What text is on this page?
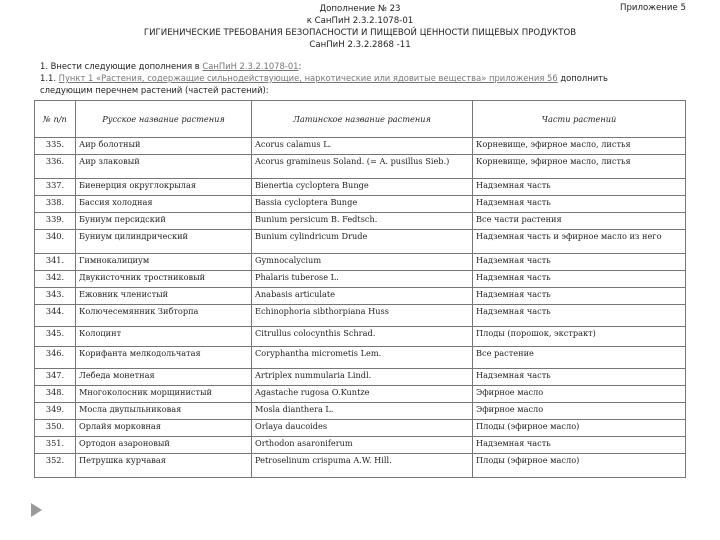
Дополнение № 23
к СанПиН 2.3.2.1078-01
ГИГИЕНИЧЕСКИЕ ТРЕБОВАНИЯ БЕЗОПАСНОСТИ И ПИЩЕВОЙ ЦЕННОСТИ ПИЩЕВЫХ ПРОДУКТОВ
СанПиН 2.3.2.2868 -11
Приложение 5
1. Внести следующие дополнения в СанПиН 2.3.2.1078-01:
1.1. Пункт 1 «Растения, содержащие сильнодействующие, наркотические или ядовитые вещества» приложения 56 дополнить
следующим перечнем растений (частей растений):
№ п/п	Русское название растения	Латинское название растения	Части растений
335.	Аир болотный	Acorus calamus L.	Корневище, эфирное масло, листья
336.	Аир злаковый	Acorus gramineus Soland. (= A. pusillus Sieb.)	Корневище, эфирное масло, листья
337.	Биенерция округлокрылая	Bienertia cycloptera Bunge	Надземная часть
338.	Бассия холодная	Bassia cycloptera Bunge	Надземная часть
339.	Буниум персидский	Bunium persicum B. Fedtsch.	Все части растения
340.	Буниум цилиндрический	Bunium cylindricum Drude	Надземная часть и эфирное масло из него
341.	Гимнокалициум	Gymnocalycium	Надземная часть
342.	Двукисточник тростниковый	Phalaris tuberose L.	Надземная часть
343.	Ежовник членистый	Anabasis articulate	Надземная часть
344.	Колючесемянник Зибторпа	Echinophoria sibthorpiana Huss	Надземная часть
345.	Колоцинт	Citrullus colocynthis Schrad.	Плоды (порошок, экстракт)
346.	Корифанта мелкодольчатая	Coryphantha micrometis Lem.	Все растение
347.	Лебеда монетная	Artriplex nummularia Lindl.	Надземная часть
348.	Многоколосник морщинистый	Agastache rugosa O.Kuntze	Эфирное масло
349.	Мосла двупыльниковая	Mosla dianthera L.	Эфирное масло
350.	Орлайя морковная	Orlaya daucoides	Плоды (эфирное масло)
351.	Ортодон азароновый	Orthodon asaroniferum	Надземная часть
352.	Петрушка курчавая	Petroselinum crispuma A.W. Hill.	Плоды (эфирное масло)
